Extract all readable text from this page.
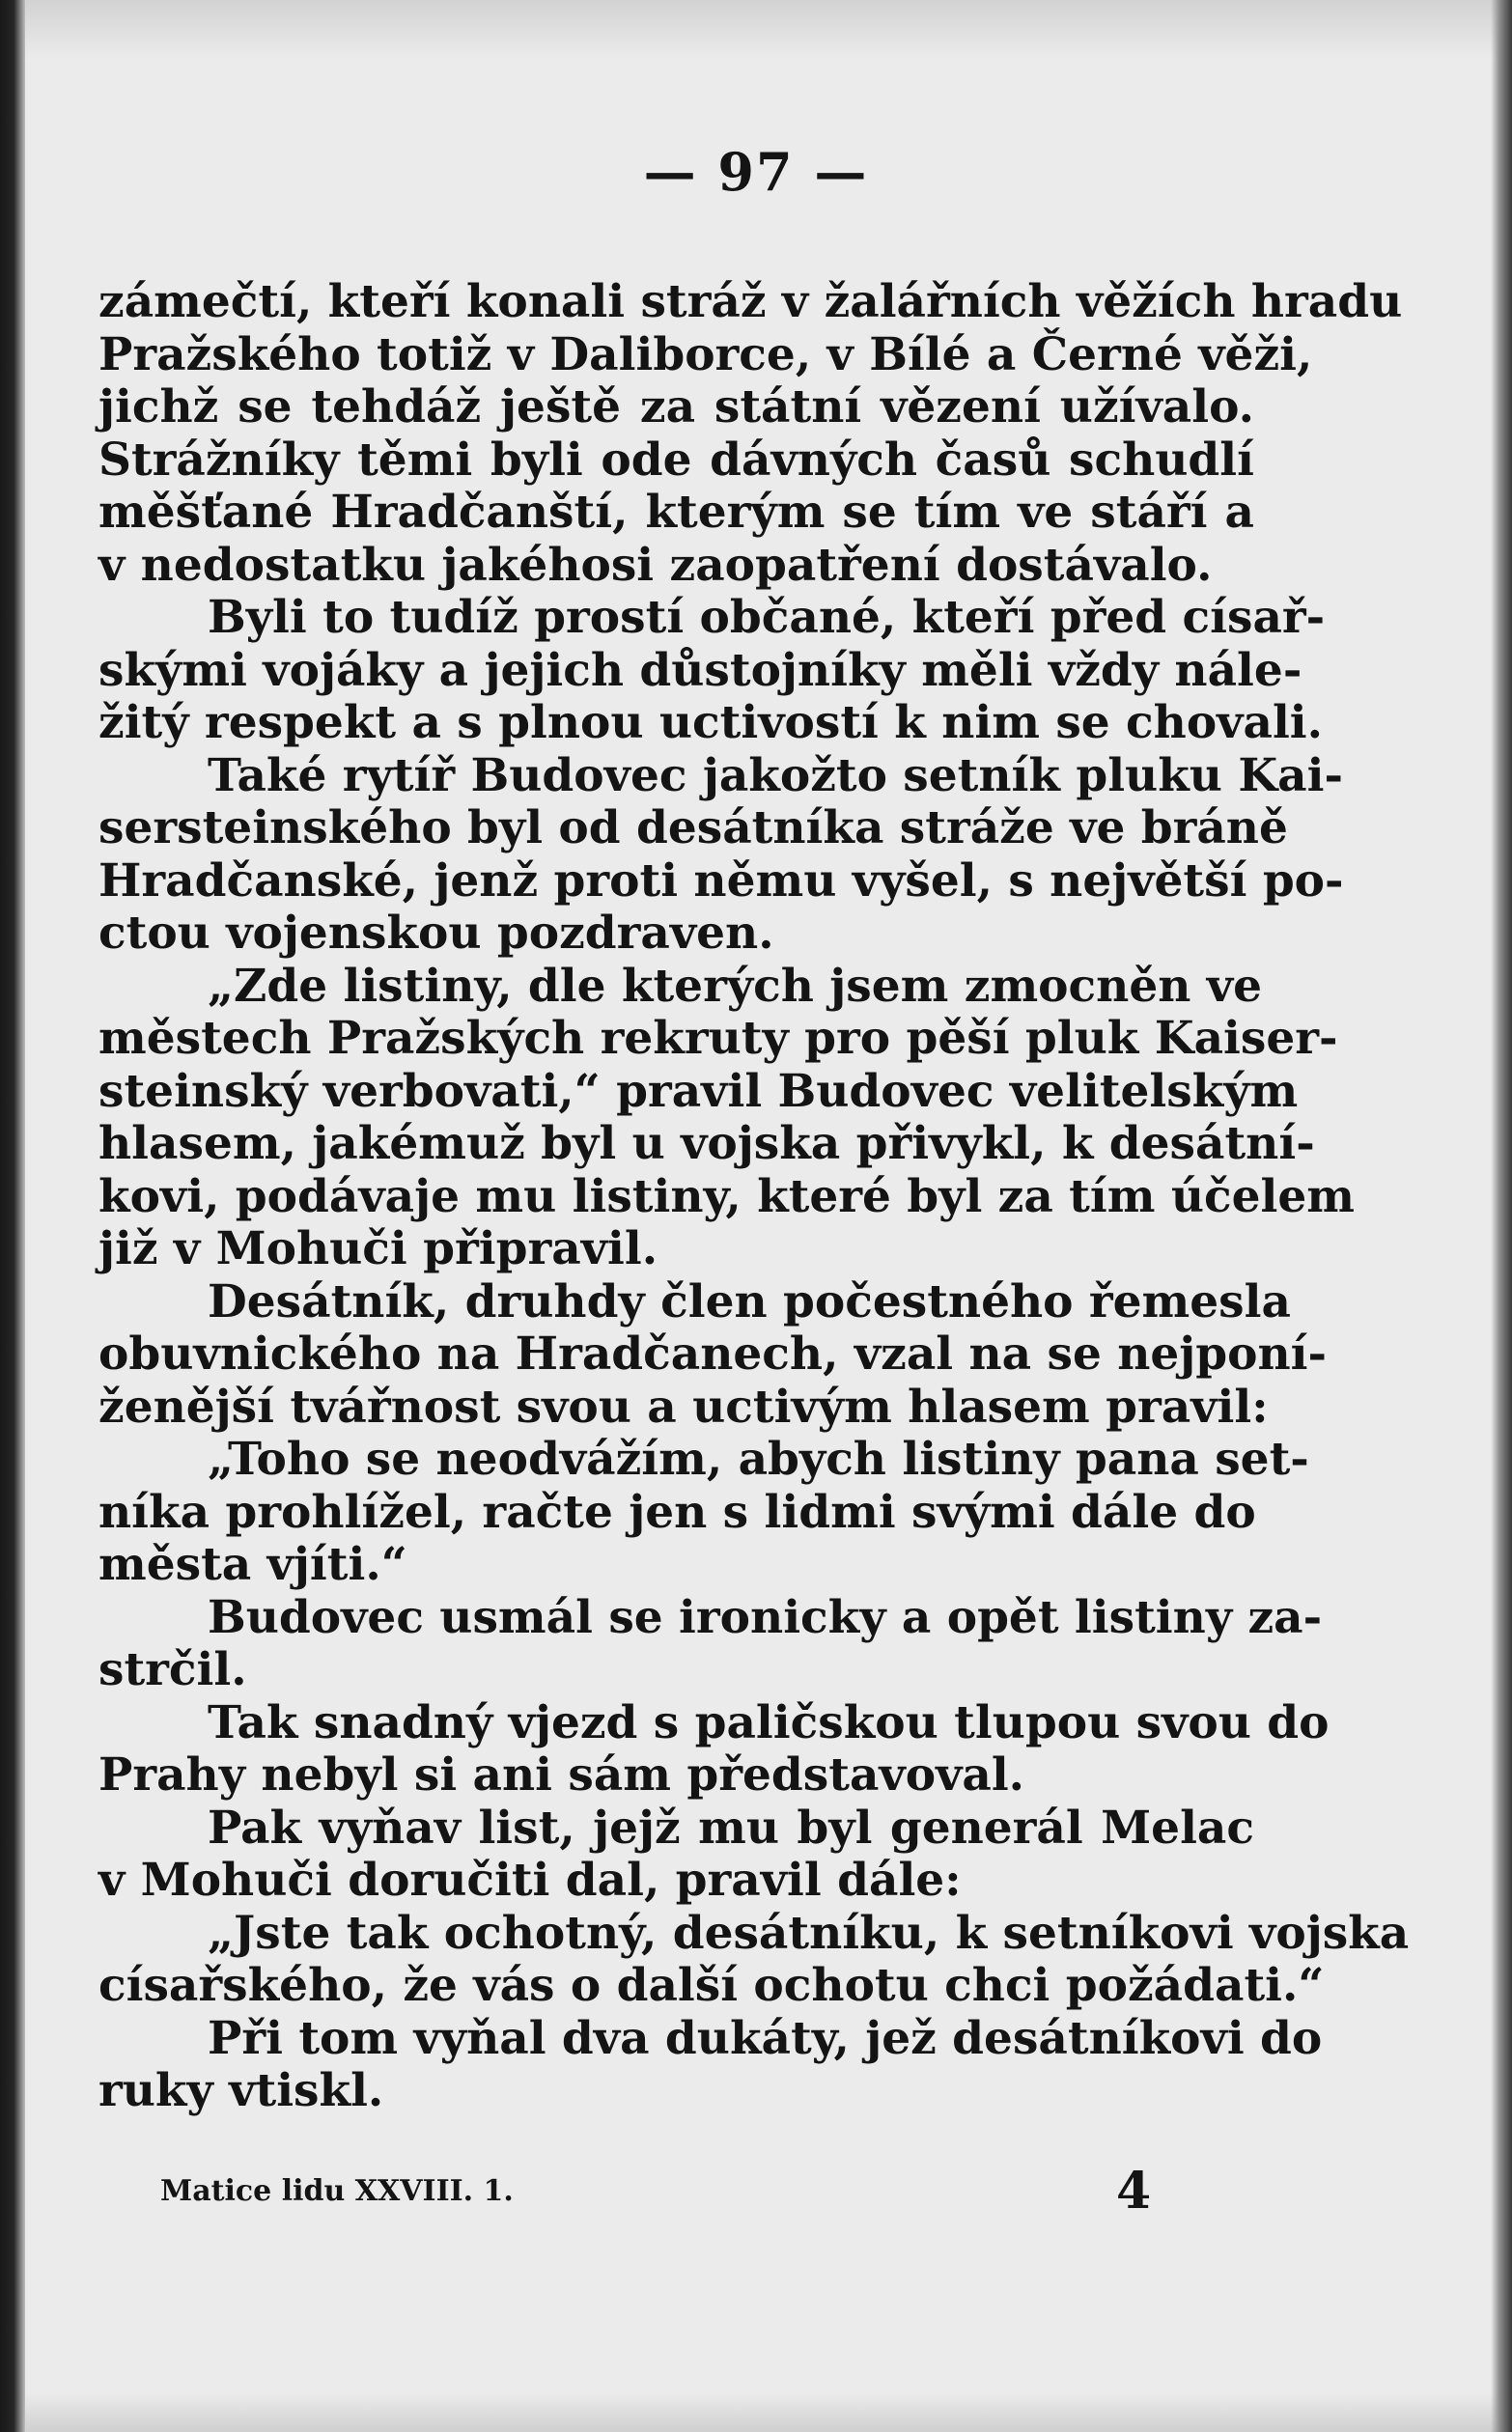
— 97 —
zámečtí, kteří konali stráž v žalářních věžích hradu
Pražského totiž v Daliborce, v Bílé a Černé věži,
jichž se tehdáž ještě za státní vězení užívalo.
Strážníky těmi byli ode dávných časů schudlí
měšťané Hradčanští, kterým se tím ve stáří a
v nedostatku jakéhosi zaopatření dostávalo.
Byli to tudíž prostí občané, kteří před císař-
skými vojáky a jejich důstojníky měli vždy nále-
žitý respekt a s plnou uctivostí k nim se chovali.
Také rytíř Budovec jakožto setník pluku Kai-
sersteinského byl od desátníka stráže ve bráně
Hradčanské, jenž proti němu vyšel, s největší po-
ctou vojenskou pozdraven.
„Zde listiny, dle kterých jsem zmocněn ve
městech Pražských rekruty pro pěší pluk Kaiser-
steinský verbovati,“ pravil Budovec velitelským
hlasem, jakémuž byl u vojska přivykl, k desátní-
kovi, podávaje mu listiny, které byl za tím účelem
již v Mohuči připravil.
Desátník, druhdy člen počestného řemesla
obuvnického na Hradčanech, vzal na se nejponí-
ženější tvářnost svou a uctivým hlasem pravil:
„Toho se neodvážím, abych listiny pana set-
níka prohlížel, račte jen s lidmi svými dále do
města vjíti.“
Budovec usmál se ironicky a opět listiny za-
strčil.
Tak snadný vjezd s paličskou tlupou svou do
Prahy nebyl si ani sám představoval.
Pak vyňav list, jejž mu byl generál Melac
v Mohuči doručiti dal, pravil dále:
„Jste tak ochotný, desátníku, k setníkovi vojska
císařského, že vás o další ochotu chci požádati.“
Při tom vyňal dva dukáty, jež desátníkovi do
ruky vtiskl.
Matice lidu XXVIII. 1.	4
